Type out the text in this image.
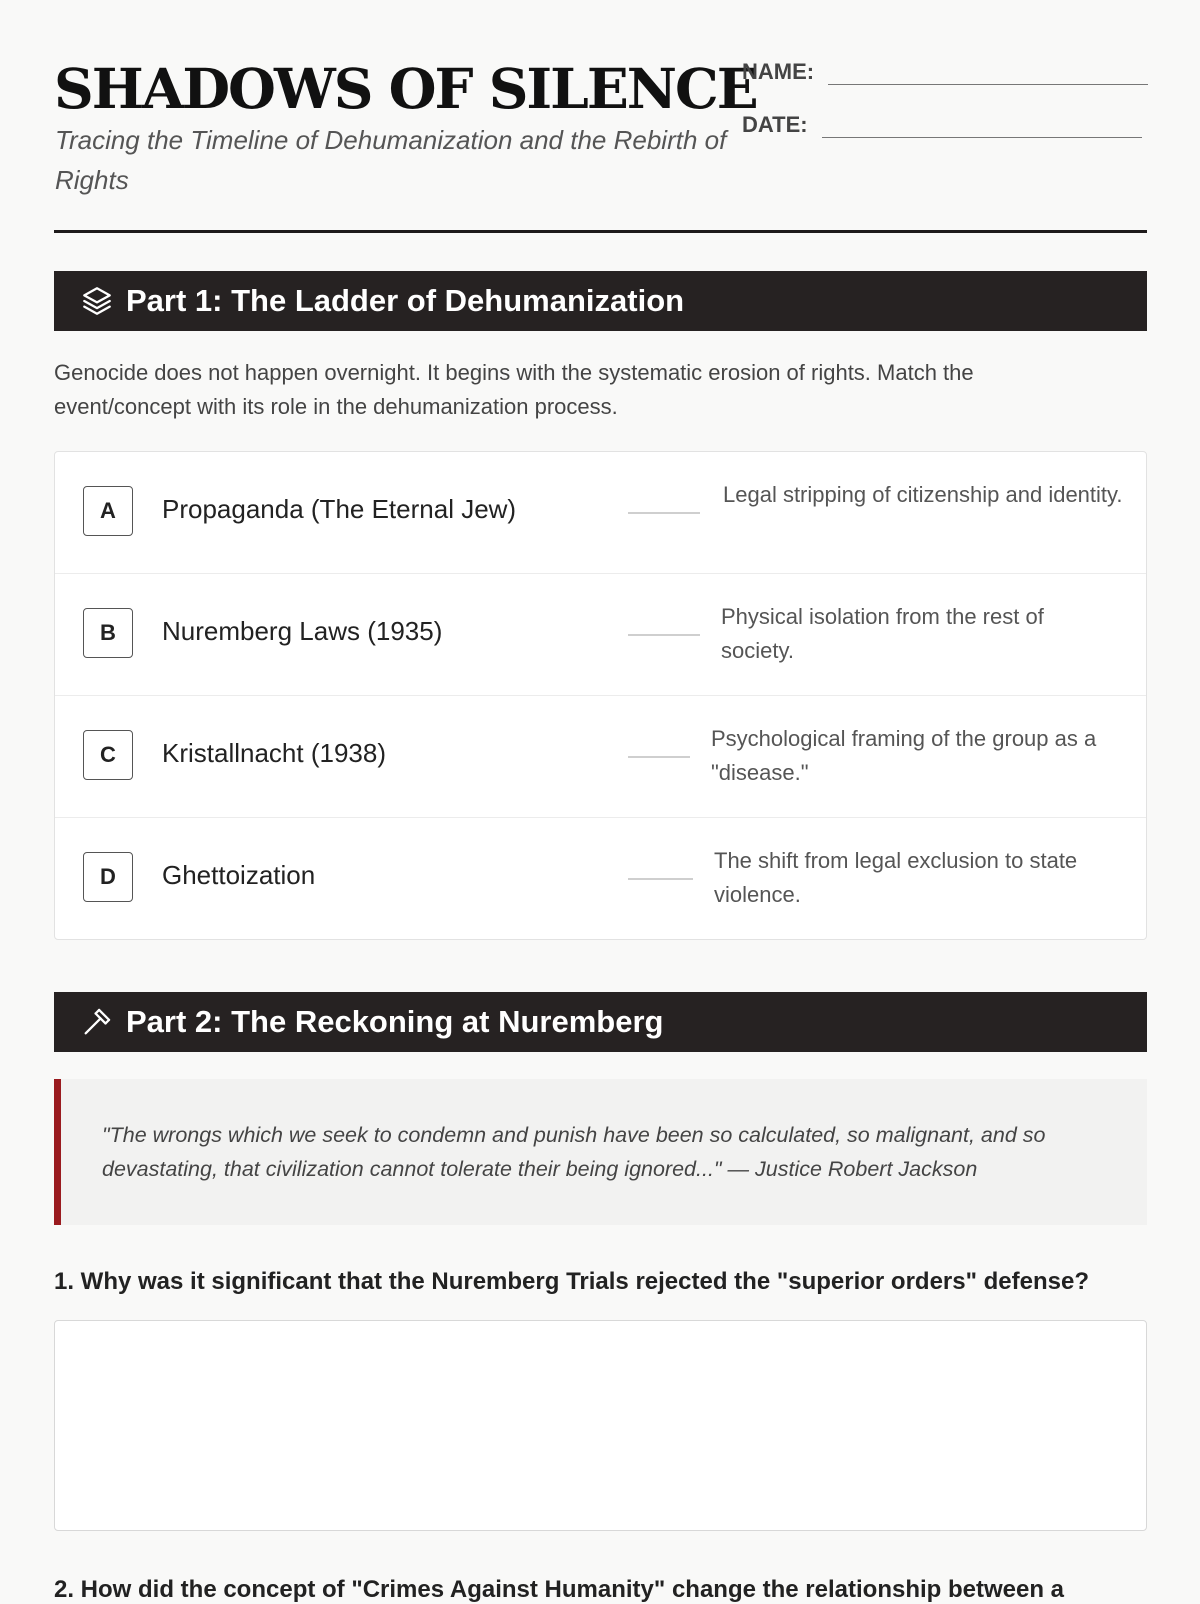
SHADOWS OF SILENCE

Tracing the Timeline of Dehumanization and the Rebirth of Rights

NAME:
DATE:
Part 1: The Ladder of Dehumanization

Genocide does not happen overnight. It begins with the systematic erosion of rights. Match the event/concept with its role in the dehumanization process.

A	Propaganda (The Eternal Jew)	Legal stripping of citizenship and identity.
B	Nuremberg Laws (1935)	Physical isolation from the rest of society.
C	Kristallnacht (1938)	Psychological framing of the group as a "disease."
D	Ghettoization	The shift from legal exclusion to state violence.
Part 2: The Reckoning at Nuremberg

"The wrongs which we seek to condemn and punish have been so calculated, so malignant, and so devastating, that civilization cannot tolerate their being ignored..." — Justice Robert Jackson

1. Why was it significant that the Nuremberg Trials rejected the "superior orders" defense?

2. How did the concept of "Crimes Against Humanity" change the relationship between a
